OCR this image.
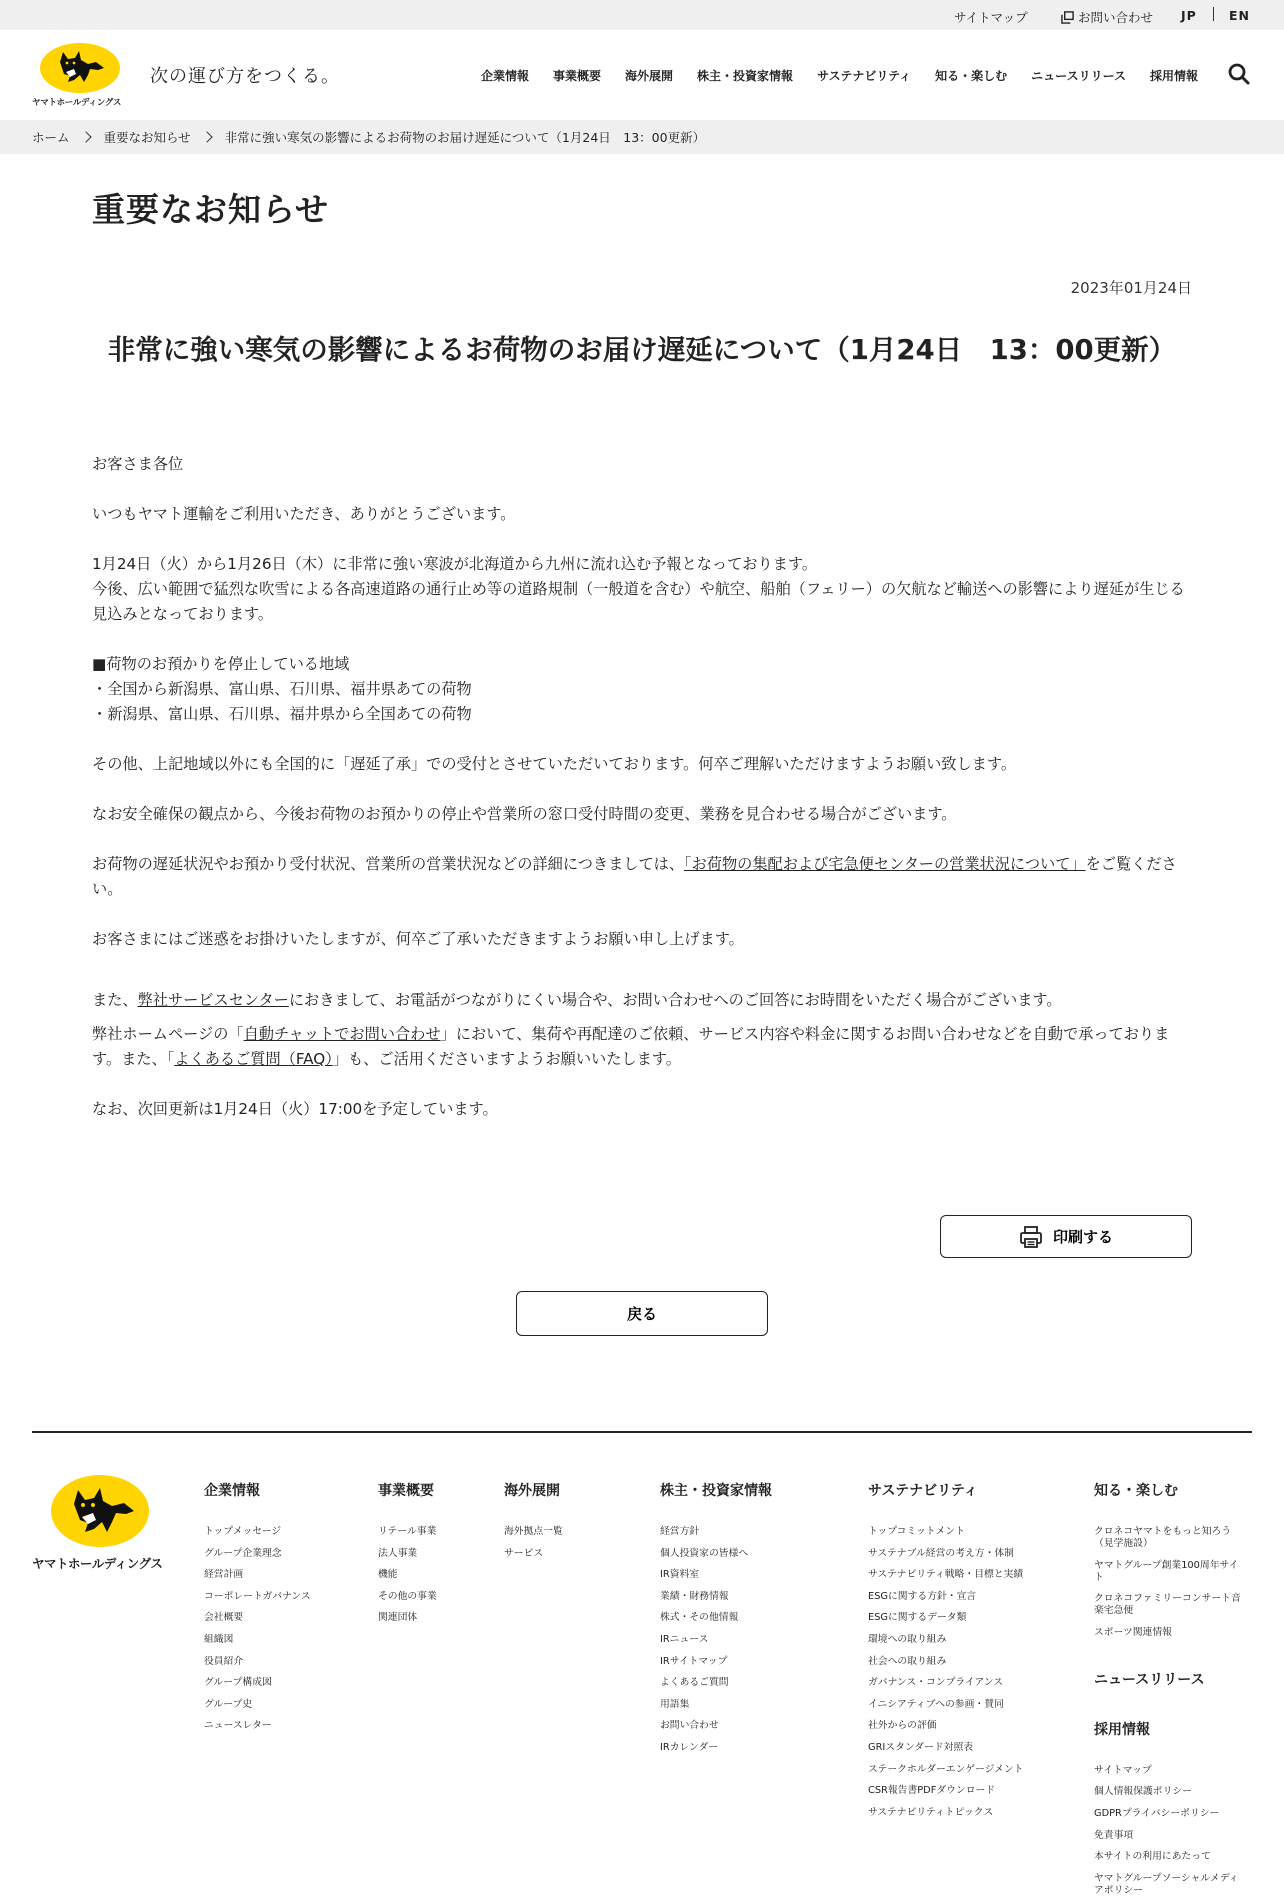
サイトマップ	お問い合わせ JP	EN
ヤマトホールディングス
次の運び方をつくる。	企業情報 事業概要 海外展開 株主・投資家情報 サステナビリティ 知る・楽しむ ニュースリリース 採用情報
ホーム	重要なお知らせ	非常に強い寒気の影響によるお荷物のお届け遅延について（1月24日　13：00更新）
重要なお知らせ
2023年01月24日
非常に強い寒気の影響によるお荷物のお届け遅延について（1月24日　13：00更新）

お客さま各位

いつもヤマト運輸をご利用いただき、ありがとうございます。

1月24日（火）から1月26日（木）に非常に強い寒波が北海道から九州に流れ込む予報となっております。

今後、広い範囲で猛烈な吹雪による各高速道路の通行止め等の道路規制（一般道を含む）や航空、船舶（フェリー）の欠航など輸送への影響により遅延が生じる見込みとなっております。

■荷物のお預かりを停止している地域

・全国から新潟県、富山県、石川県、福井県あての荷物

・新潟県、富山県、石川県、福井県から全国あての荷物

その他、上記地域以外にも全国的に「遅延了承」での受付とさせていただいております。何卒ご理解いただけますようお願い致します。

なお安全確保の観点から、今後お荷物のお預かりの停止や営業所の窓口受付時間の変更、業務を見合わせる場合がございます。

お荷物の遅延状況やお預かり受付状況、営業所の営業状況などの詳細につきましては、「お荷物の集配および宅急便センターの営業状況について」をご覧ください。

お客さまにはご迷惑をお掛けいたしますが、何卒ご了承いただきますようお願い申し上げます。

また、弊社サービスセンターにおきまして、お電話がつながりにくい場合や、お問い合わせへのご回答にお時間をいただく場合がございます。

弊社ホームページの「自動チャットでお問い合わせ」において、集荷や再配達のご依頼、サービス内容や料金に関するお問い合わせなどを自動で承っております。また、「よくあるご質問（FAQ）」も、ご活用くださいますようお願いいたします。

なお、次回更新は1月24日（火）17:00を予定しています。

印刷する
戻る
ヤマトホールディングス
企業情報
トップメッセージ
グループ企業理念
経営計画
コーポレートガバナンス
会社概要
組織図
役員紹介
グループ構成図
グループ史
ニュースレター
事業概要
リテール事業
法人事業
機能
その他の事業
関連団体
海外展開
海外拠点一覧
サービス
株主・投資家情報
経営方針
個人投資家の皆様へ
IR資料室
業績・財務情報
株式・その他情報
IRニュース
IRサイトマップ
よくあるご質問
用語集
お問い合わせ
IRカレンダー
サステナビリティ
トップコミットメント
サステナブル経営の考え方・体制
サステナビリティ戦略・目標と実績
ESGに関する方針・宣言
ESGに関するデータ類
環境への取り組み
社会への取り組み
ガバナンス・コンプライアンス
イニシアティブへの参画・賛同
社外からの評価
GRIスタンダード対照表
ステークホルダーエンゲージメント
CSR報告書PDFダウンロード
サステナビリティトピックス
知る・楽しむ
クロネコヤマトをもっと知ろう（見学施設）
ヤマトグループ創業100周年サイト
クロネコファミリーコンサート音楽宅急便
スポーツ関連情報
ニュースリリース
採用情報
サイトマップ
個人情報保護ポリシー
GDPRプライバシーポリシー
免責事項
本サイトの利用にあたって
ヤマトグループソーシャルメディアポリシー
